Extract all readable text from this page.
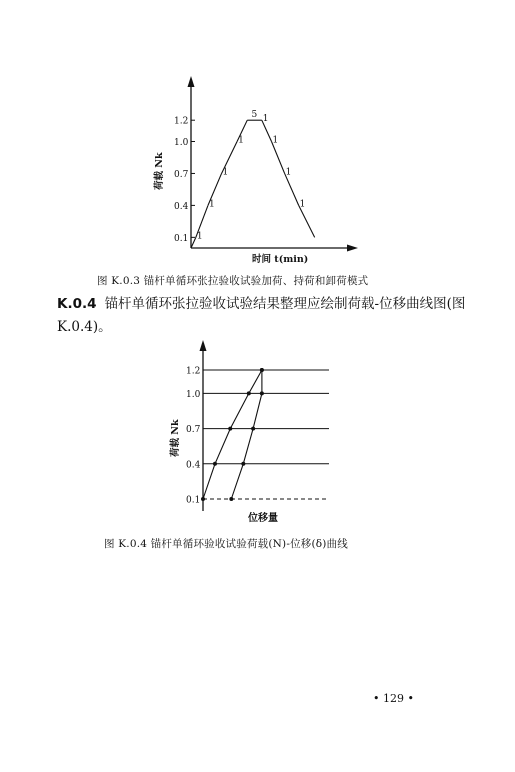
0.1
0.4
0.7
1.0
1.2
1
1
1
1
5 1
1
1
1
时间 t(min)
荷载 Nk
图 K.0.3 锚杆单循环张拉验收试验加荷、持荷和卸荷模式
K.0.4 锚杆单循环张拉验收试验结果整理应绘制荷载-位移曲线图(图 K.0.4)。
0.1
0.4
0.7
1.0
1.2
位移量
荷载 Nk
图 K.0.4 锚杆单循环验收试验荷载(N)-位移(δ)曲线
• 129 •
